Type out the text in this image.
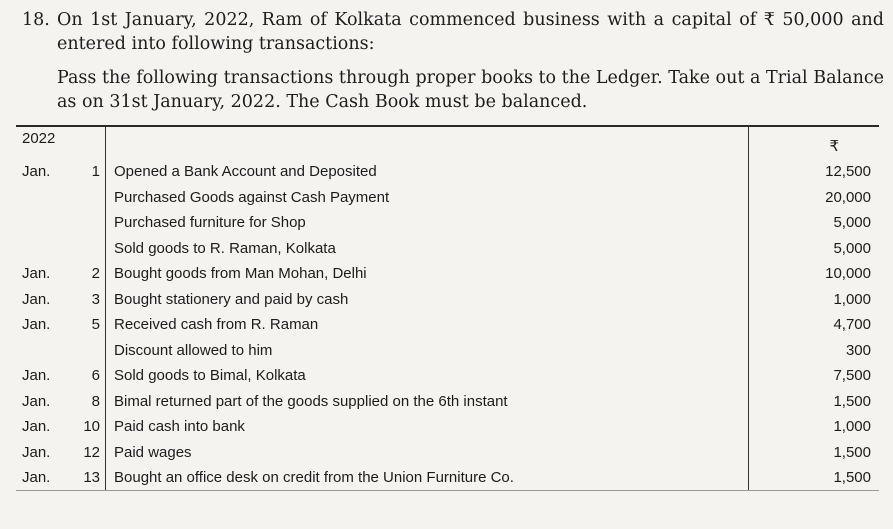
18. On 1st January, 2022, Ram of Kolkata commenced business with a capital of ₹ 50,000 and entered into following transactions:
Pass the following transactions through proper books to the Ledger. Take out a Trial Balance as on 31st January, 2022. The Cash Book must be balanced.
2022			₹
Jan.	1	Opened a Bank Account and Deposited	12,500
		Purchased Goods against Cash Payment	20,000
		Purchased furniture for Shop	5,000
		Sold goods to R. Raman, Kolkata	5,000
Jan.	2	Bought goods from Man Mohan, Delhi	10,000
Jan.	3	Bought stationery and paid by cash	1,000
Jan.	5	Received cash from R. Raman	4,700
		Discount allowed to him	300
Jan.	6	Sold goods to Bimal, Kolkata	7,500
Jan.	8	Bimal returned part of the goods supplied on the 6th instant	1,500
Jan.	10	Paid cash into bank	1,000
Jan.	12	Paid wages	1,500
Jan.	13	Bought an office desk on credit from the Union Furniture Co.	1,500
